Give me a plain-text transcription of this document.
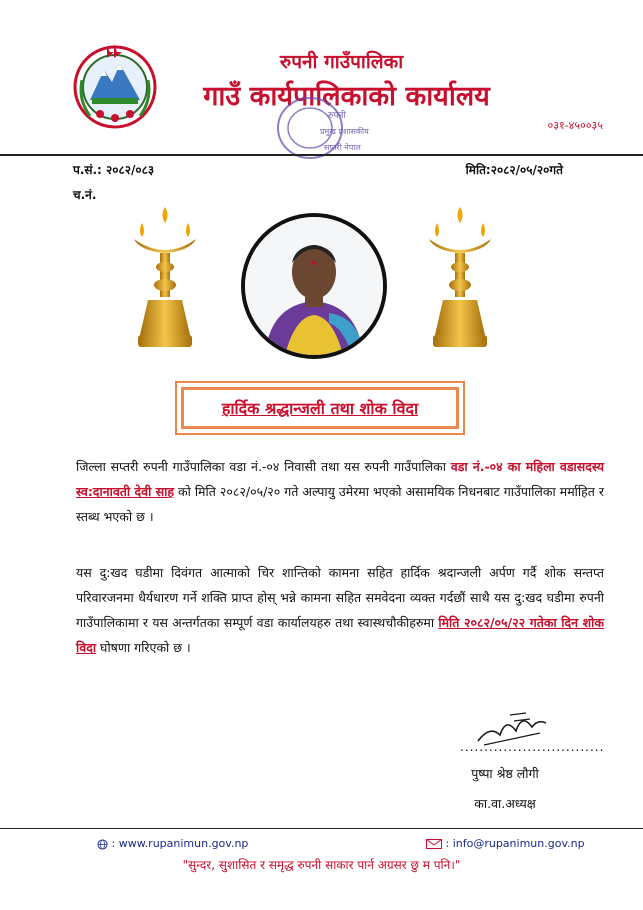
रुपनी गाउँपालिका
गाउँ कार्यपालिकाको कार्यालय
०३१-४५००३५
रुपनी
प्रमुख प्रशासकीय
सप्तरी नेपाल
प.सं.: २०८२/०८३	मिति:२०८२/०५/२०गते
च.नं.
हार्दिक श्रद्धान्जली तथा शोक विदा
जिल्ला सप्तरी रुपनी गाउँपालिका वडा नं.-०४ निवासी तथा यस रुपनी गाउँपालिका वडा नं.-०४ का महिला वडासदस्य स्व:दानावती देवी साह को मिति २०८२/०५/२० गते अल्पायु उमेरमा भएको असामयिक निधनबाट गाउँपालिका मर्माहित र स्तब्ध भएको छ ।
यस दु:खद घडीमा दिवंगत आत्माको चिर शान्तिको कामना सहित हार्दिक श्रदान्जली अर्पण गर्दै शोक सन्तप्त परिवारजनमा धैर्यधारण गर्ने शक्ति प्राप्त होस् भन्ने कामना सहित समवेदना व्यक्त गर्दछौं साथै यस दु:खद घडीमा रुपनी गाउँपालिकामा र यस अन्तर्गतका सम्पूर्ण वडा कार्यालयहरु तथा स्वास्थचौकीहरुमा मिति २०८२/०५/२२ गतेका दिन शोक विदा घोषणा गरिएको छ ।
..............................
पुष्पा श्रेष्ठ लौगी
का.वा.अध्यक्ष
: www.rupanimun.gov.np	: info@rupanimun.gov.np
"सुन्दर, सुशासित र समृद्ध रुपनी साकार पार्न अग्रसर छु म पनि।"
